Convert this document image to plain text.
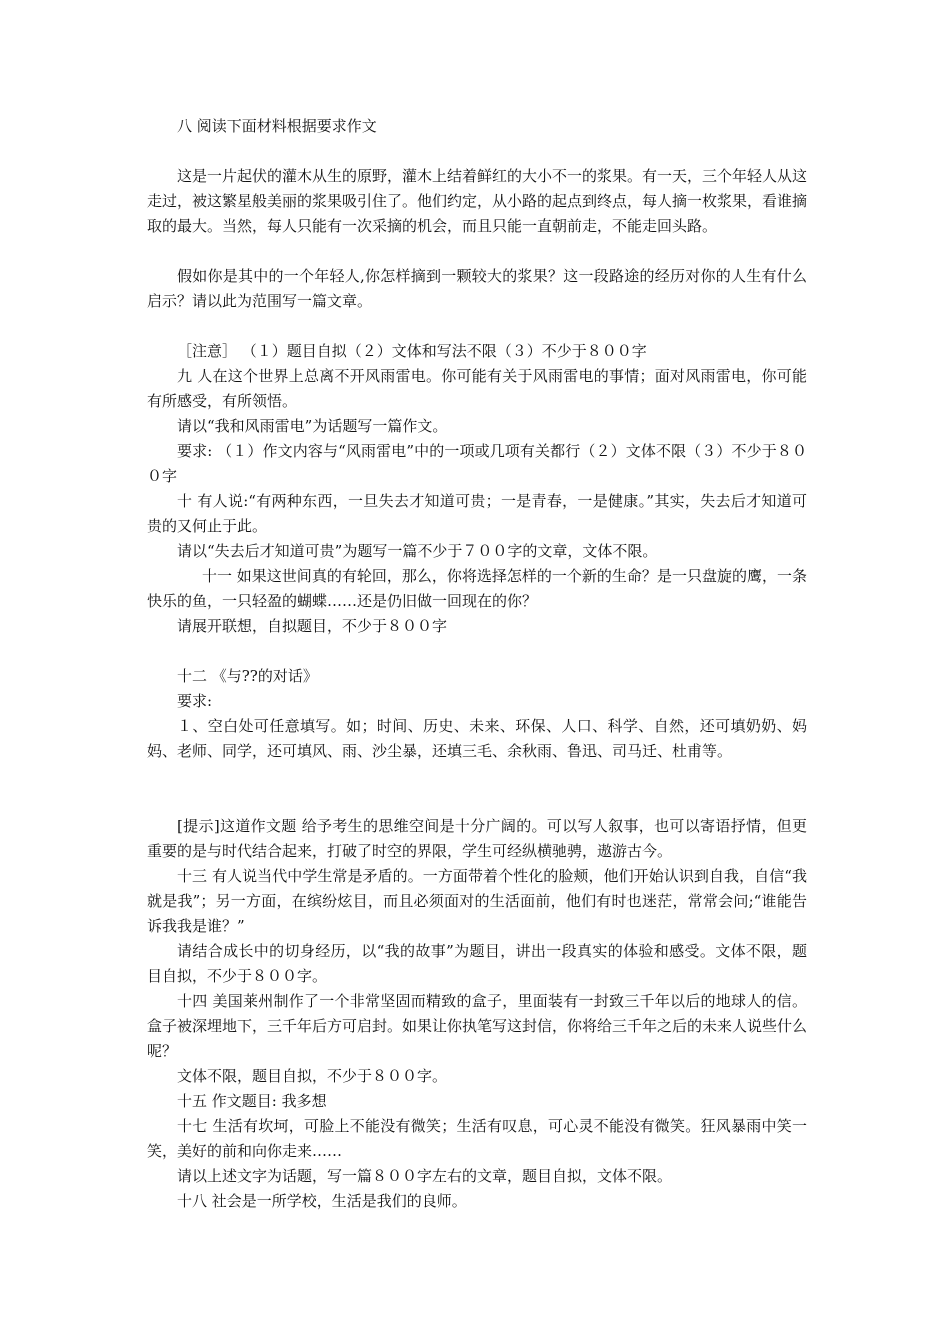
八 阅读下面材料根据要求作文

这是一片起伏的灌木从生的原野，灌木上结着鲜红的大小不一的浆果。有一天，三个年轻人从这走过，被这繁星般美丽的浆果吸引住了。他们约定，从小路的起点到终点，每人摘一枚浆果，看谁摘取的最大。当然，每人只能有一次采摘的机会，而且只能一直朝前走，不能走回头路。

假如你是其中的一个年轻人,你怎样摘到一颗较大的浆果？这一段路途的经历对你的人生有什么启示？请以此为范围写一篇文章。

［注意］ （１）题目自拟（２）文体和写法不限（３）不少于８００字

九 人在这个世界上总离不开风雨雷电。你可能有关于风雨雷电的事情；面对风雨雷电，你可能有所感受，有所领悟。

请以“我和风雨雷电”为话题写一篇作文。

要求: （１）作文内容与“风雨雷电”中的一项或几项有关都行（２）文体不限（３）不少于８００字

十 有人说:“有两种东西，一旦失去才知道可贵；一是青春，一是健康。”其实，失去后才知道可贵的又何止于此。

请以“失去后才知道可贵”为题写一篇不少于７００字的文章，文体不限。

十一 如果这世间真的有轮回，那么，你将选择怎样的一个新的生命？是一只盘旋的鹰，一条快乐的鱼，一只轻盈的蝴蝶……还是仍旧做一回现在的你？

请展开联想，自拟题目，不少于８００字

十二 《与??的对话》

要求:

１、空白处可任意填写。如；时间、历史、未来、环保、人口、科学、自然，还可填奶奶、妈妈、老师、同学，还可填风、雨、沙尘暴，还填三毛、余秋雨、鲁迅、司马迁、杜甫等。

[提示]这道作文题 给予考生的思维空间是十分广阔的。可以写人叙事，也可以寄语抒情，但更重要的是与时代结合起来，打破了时空的界限，学生可经纵横驰骋，遨游古今。

十三 有人说当代中学生常是矛盾的。一方面带着个性化的脸颊，他们开始认识到自我，自信“我就是我”；另一方面，在缤纷炫目，而且必须面对的生活面前，他们有时也迷茫，常常会问;“谁能告诉我我是谁？”

请结合成长中的切身经历，以“我的故事”为题目，讲出一段真实的体验和感受。文体不限，题目自拟，不少于８００字。

十四 美国莱州制作了一个非常坚固而精致的盒子，里面装有一封致三千年以后的地球人的信。盒子被深埋地下，三千年后方可启封。如果让你执笔写这封信，你将给三千年之后的未来人说些什么呢？

文体不限，题目自拟，不少于８００字。

十五 作文题目: 我多想

十七 生活有坎坷，可脸上不能没有微笑；生活有叹息，可心灵不能没有微笑。狂风暴雨中笑一笑，美好的前和向你走来……

请以上述文字为话题，写一篇８００字左右的文章，题目自拟，文体不限。

十八 社会是一所学校，生活是我们的良师。
